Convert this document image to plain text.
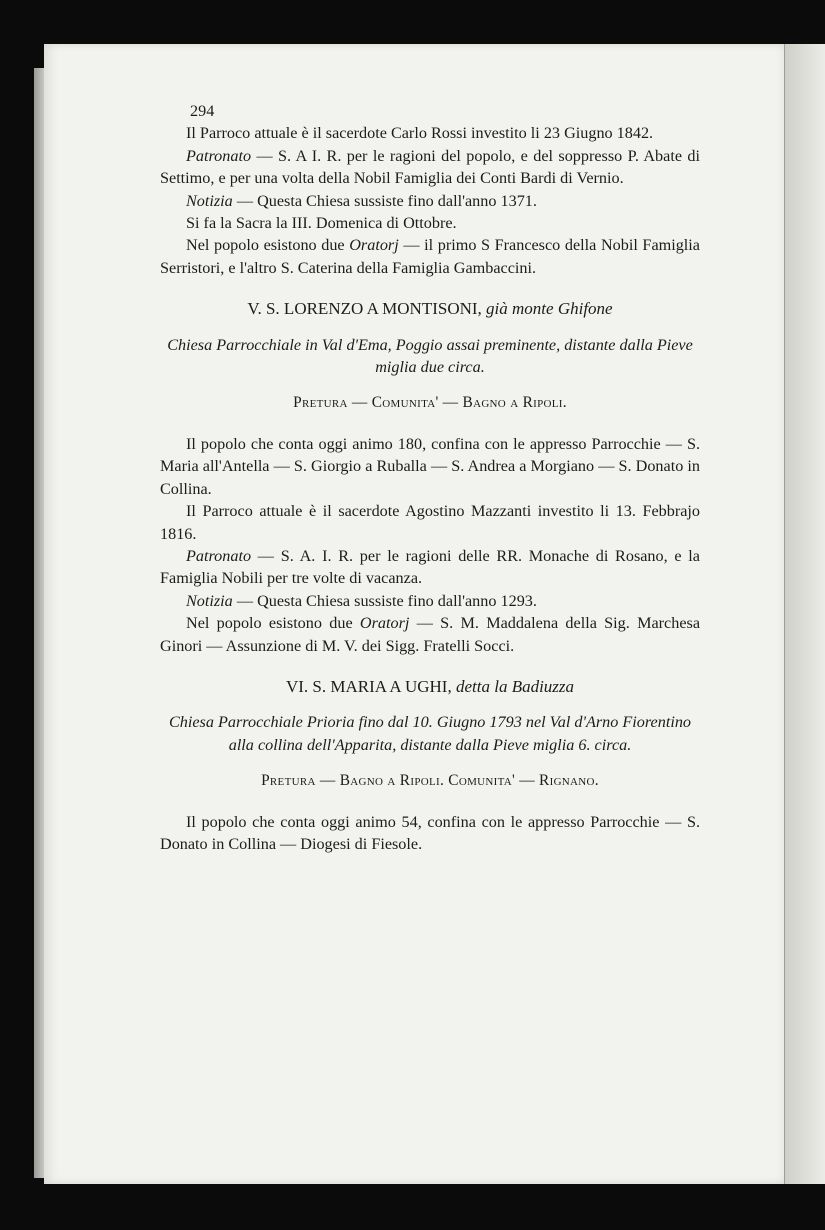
294

Il Parroco attuale è il sacerdote Carlo Rossi investito li 23 Giugno 1842.

Patronato — S. A I. R. per le ragioni del popolo, e del soppresso P. Abate di Settimo, e per una volta della Nobil Famiglia dei Conti Bardi di Vernio.

Notizia — Questa Chiesa sussiste fino dall'anno 1371.

Si fa la Sacra la III. Domenica di Ottobre.

Nel popolo esistono due Oratorj — il primo S Francesco della Nobil Famiglia Serristori, e l'altro S. Caterina della Famiglia Gambaccini.

V. S. LORENZO A MONTISONI, già monte Ghifone
Chiesa Parrocchiale in Val d'Ema, Poggio assai preminente, distante dalla Pieve miglia due circa.
Pretura — Comunita' — Bagno a Ripoli.

Il popolo che conta oggi animo 180, confina con le appresso Parrocchie — S. Maria all'Antella — S. Giorgio a Ruballa — S. Andrea a Morgiano — S. Donato in Collina.

Il Parroco attuale è il sacerdote Agostino Mazzanti investito li 13. Febbrajo 1816.

Patronato — S. A. I. R. per le ragioni delle RR. Monache di Rosano, e la Famiglia Nobili per tre volte di vacanza.

Notizia — Questa Chiesa sussiste fino dall'anno 1293.

Nel popolo esistono due Oratorj — S. M. Maddalena della Sig. Marchesa Ginori — Assunzione di M. V. dei Sigg. Fratelli Socci.

VI. S. MARIA A UGHI, detta la Badiuzza
Chiesa Parrocchiale Prioria fino dal 10. Giugno 1793 nel Val d'Arno Fiorentino alla collina dell'Apparita, distante dalla Pieve miglia 6. circa.
Pretura — Bagno a Ripoli. Comunita' — Rignano.

Il popolo che conta oggi animo 54, confina con le appresso Parrocchie — S. Donato in Collina — Diogesi di Fiesole.
